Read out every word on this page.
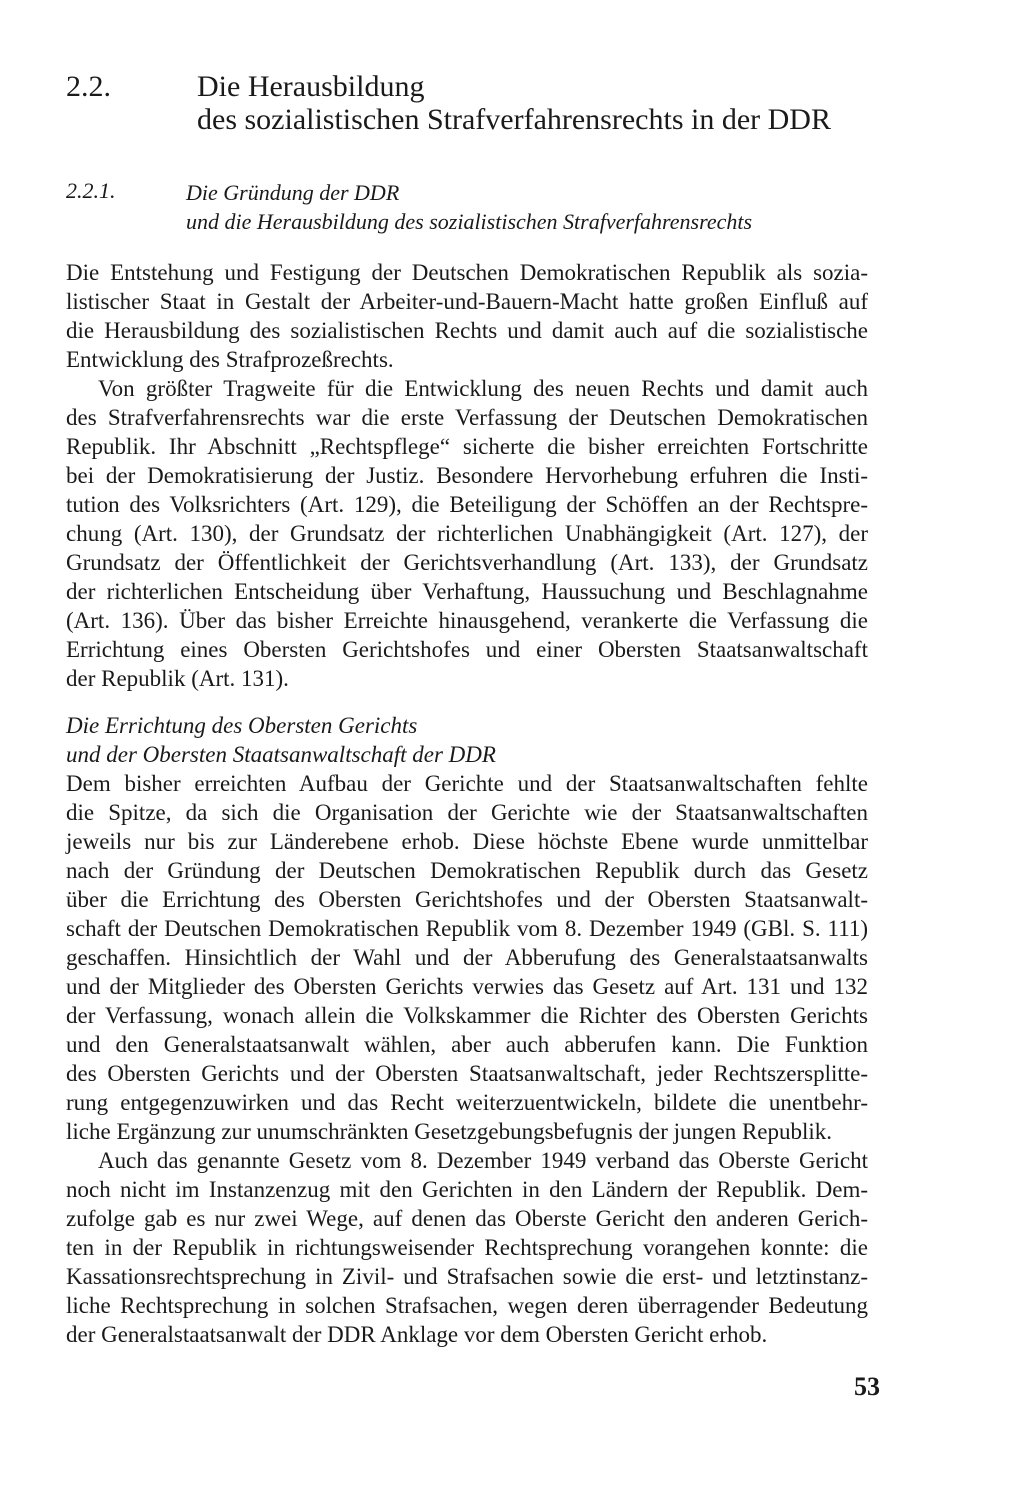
2.2.	Die Herausbildung
des sozialistischen Strafverfahrensrechts in der DDR
2.2.1.	Die Gründung der DDR
und die Herausbildung des sozialistischen Strafverfahrensrechts
Die Entstehung und Festigung der Deutschen Demokratischen Republik als sozia-
listischer Staat in Gestalt der Arbeiter-und-Bauern-Macht hatte großen Einfluß auf
die Herausbildung des sozialistischen Rechts und damit auch auf die sozialistische
Entwicklung des Strafprozeßrechts.
Von größter Tragweite für die Entwicklung des neuen Rechts und damit auch
des Strafverfahrensrechts war die erste Verfassung der Deutschen Demokratischen
Republik. Ihr Abschnitt „Rechtspflege“ sicherte die bisher erreichten Fortschritte
bei der Demokratisierung der Justiz. Besondere Hervorhebung erfuhren die Insti-
tution des Volksrichters (Art. 129), die Beteiligung der Schöffen an der Rechtspre-
chung (Art. 130), der Grundsatz der richterlichen Unabhängigkeit (Art. 127), der
Grundsatz der Öffentlichkeit der Gerichtsverhandlung (Art. 133), der Grundsatz
der richterlichen Entscheidung über Verhaftung, Haussuchung und Beschlagnahme
(Art. 136). Über das bisher Erreichte hinausgehend, verankerte die Verfassung die
Errichtung eines Obersten Gerichtshofes und einer Obersten Staatsanwaltschaft
der Republik (Art. 131).
Die Errichtung des Obersten Gerichts
und der Obersten Staatsanwaltschaft der DDR
Dem bisher erreichten Aufbau der Gerichte und der Staatsanwaltschaften fehlte
die Spitze, da sich die Organisation der Gerichte wie der Staatsanwaltschaften
jeweils nur bis zur Länderebene erhob. Diese höchste Ebene wurde unmittelbar
nach der Gründung der Deutschen Demokratischen Republik durch das Gesetz
über die Errichtung des Obersten Gerichtshofes und der Obersten Staatsanwalt-
schaft der Deutschen Demokratischen Republik vom 8. Dezember 1949 (GBl. S. 111)
geschaffen. Hinsichtlich der Wahl und der Abberufung des Generalstaatsanwalts
und der Mitglieder des Obersten Gerichts verwies das Gesetz auf Art. 131 und 132
der Verfassung, wonach allein die Volkskammer die Richter des Obersten Gerichts
und den Generalstaatsanwalt wählen, aber auch abberufen kann. Die Funktion
des Obersten Gerichts und der Obersten Staatsanwaltschaft, jeder Rechtszersplitte-
rung entgegenzuwirken und das Recht weiterzuentwickeln, bildete die unentbehr-
liche Ergänzung zur unumschränkten Gesetzgebungsbefugnis der jungen Republik.
Auch das genannte Gesetz vom 8. Dezember 1949 verband das Oberste Gericht
noch nicht im Instanzenzug mit den Gerichten in den Ländern der Republik. Dem-
zufolge gab es nur zwei Wege, auf denen das Oberste Gericht den anderen Gerich-
ten in der Republik in richtungsweisender Rechtsprechung vorangehen konnte: die
Kassationsrechtsprechung in Zivil- und Strafsachen sowie die erst- und letztinstanz-
liche Rechtsprechung in solchen Strafsachen, wegen deren überragender Bedeutung
der Generalstaatsanwalt der DDR Anklage vor dem Obersten Gericht erhob.
53
